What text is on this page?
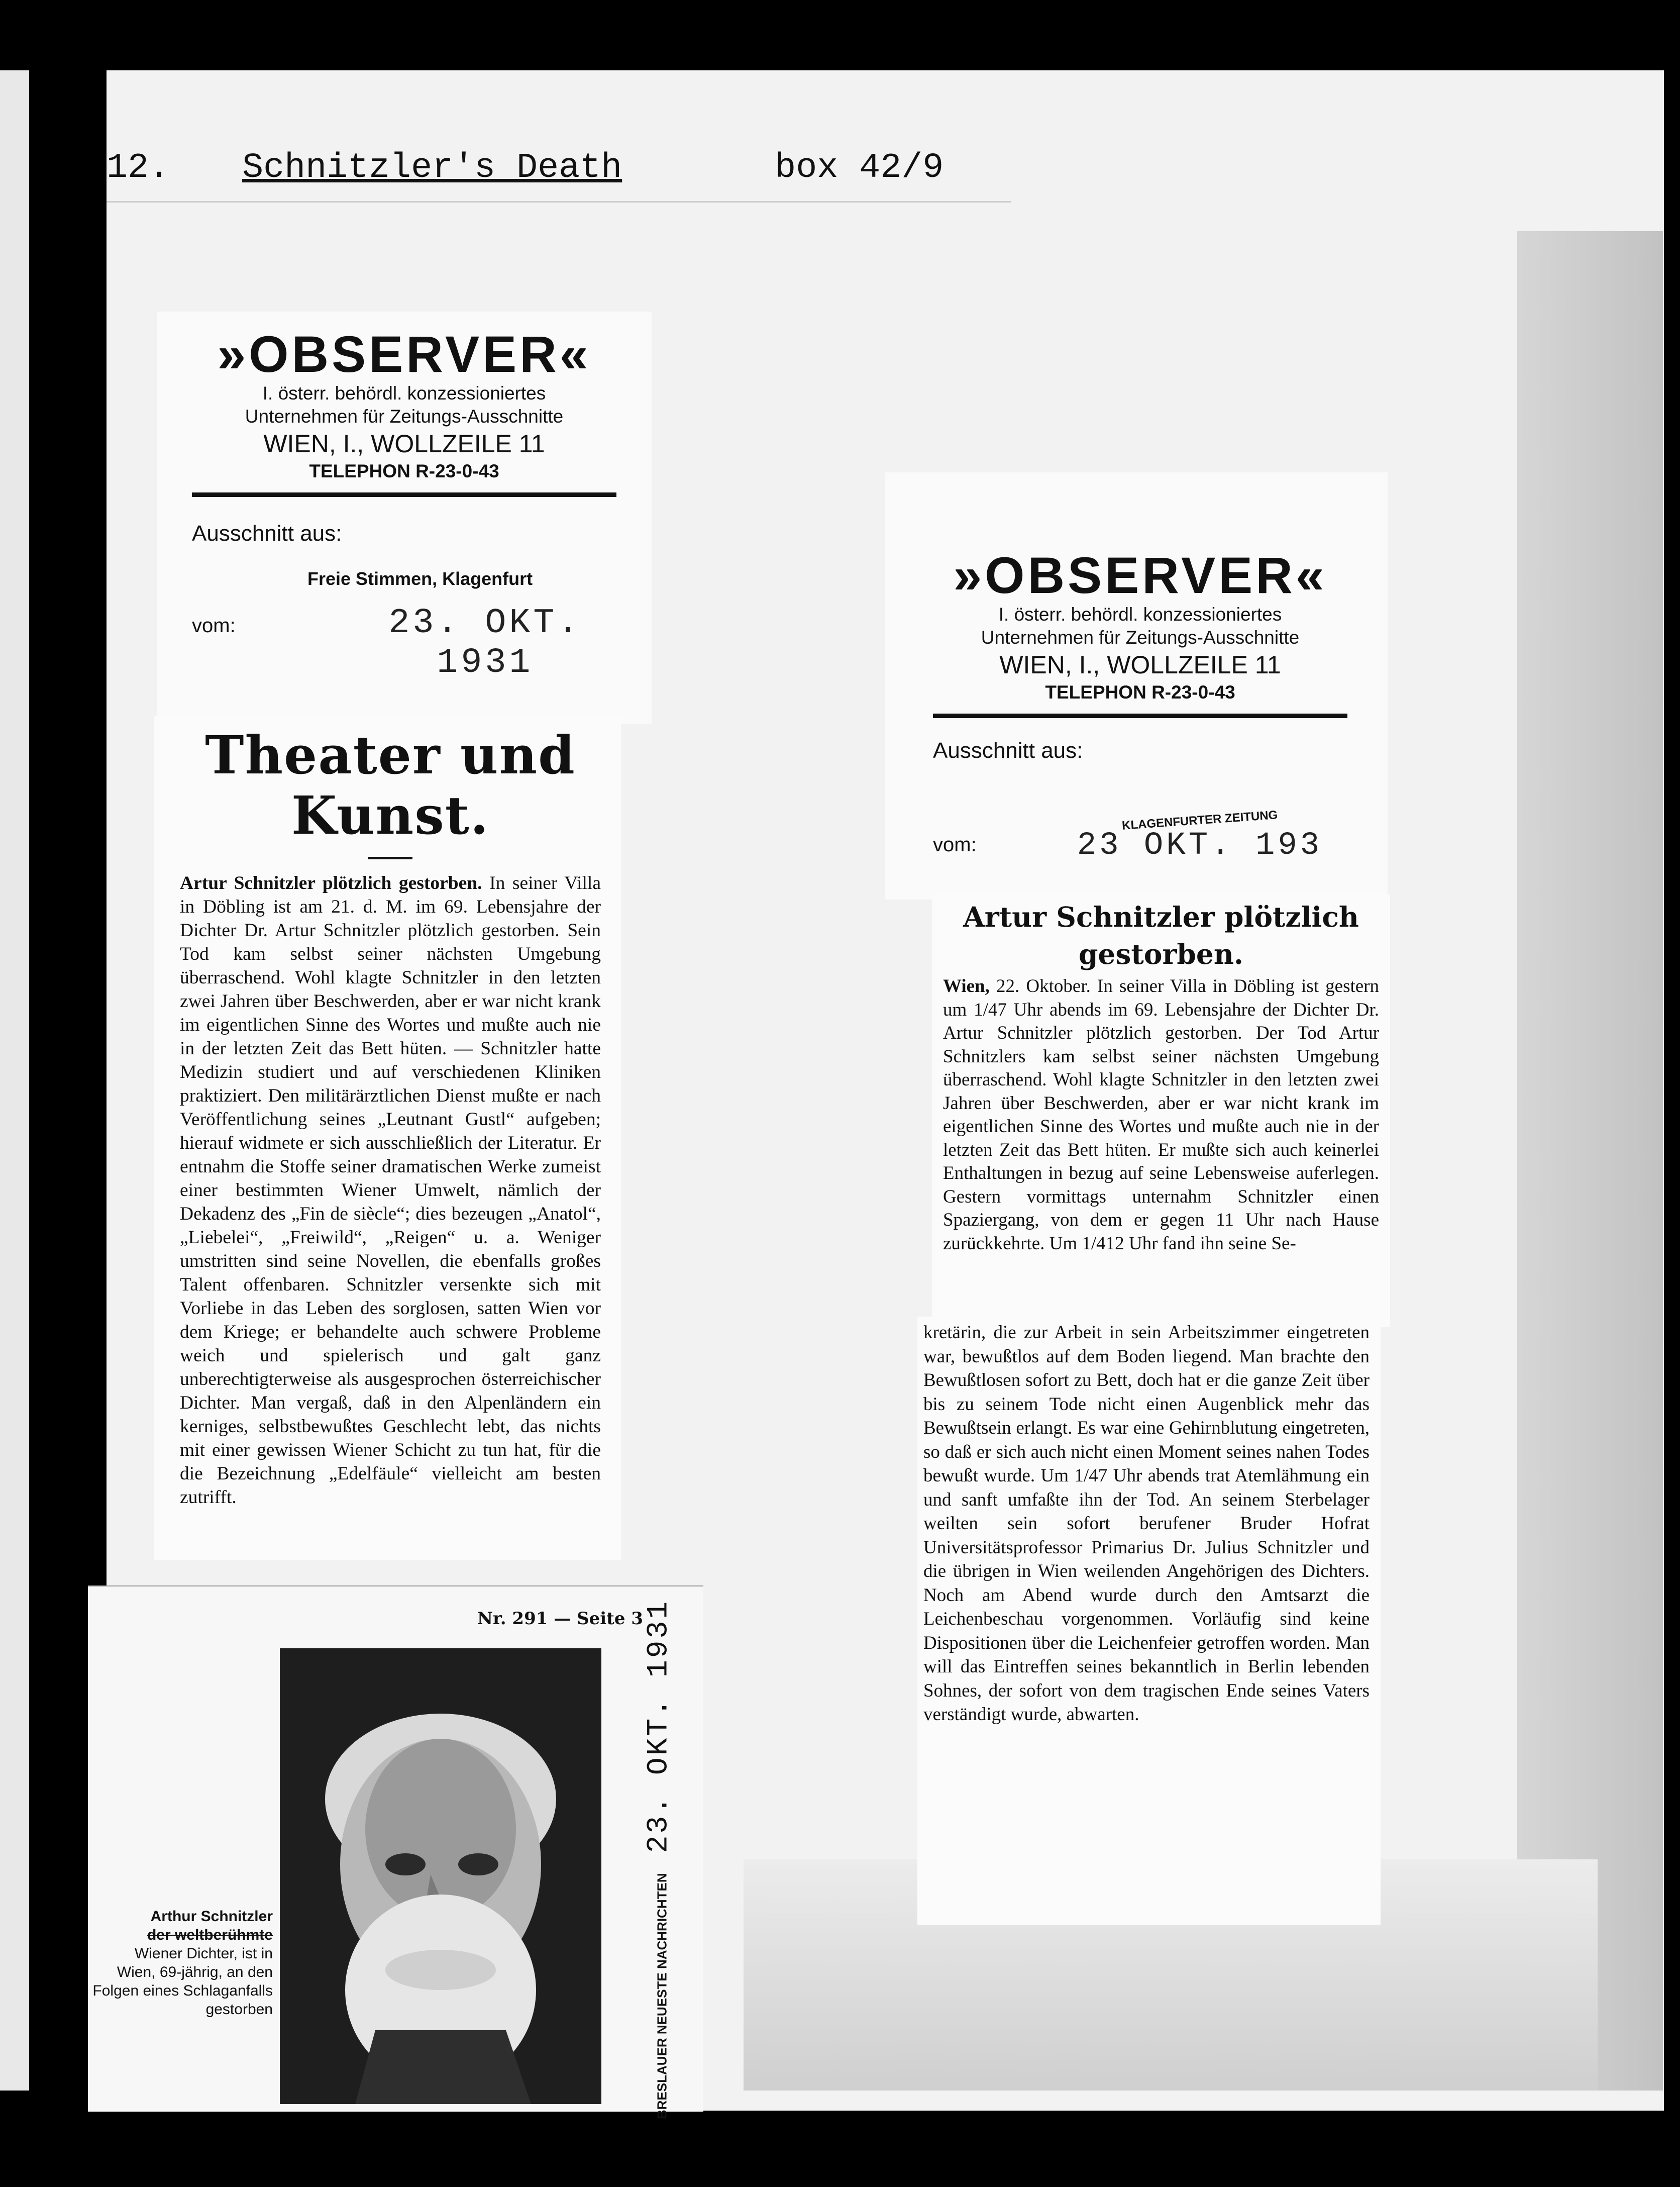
12. Schnitzler's Death	box 42/9
»OBSERVER«
I. österr. behördl. konzessioniertes
Unternehmen für Zeitungs-Ausschnitte
WIEN, I., WOLLZEILE 11
TELEPHON R-23-0-43
Ausschnitt aus:
Freie Stimmen, Klagenfurt
vom:	23. OKT. 1931
Theater und Kunst.
Artur Schnitzler plötzlich gestorben. In seiner Villa in Döbling ist am 21. d. M. im 69. Lebensjahre der Dichter Dr. Artur Schnitzler plötzlich gestorben. Sein Tod kam selbst seiner nächsten Umgebung überraschend. Wohl klagte Schnitzler in den letzten zwei Jahren über Beschwerden, aber er war nicht krank im eigentlichen Sinne des Wortes und mußte auch nie in der letzten Zeit das Bett hüten. — Schnitzler hatte Medizin studiert und auf verschiedenen Kliniken praktiziert. Den militärärztlichen Dienst mußte er nach Veröffentlichung seines „Leutnant Gustl“ aufgeben; hierauf widmete er sich ausschließlich der Literatur. Er entnahm die Stoffe seiner dramatischen Werke zumeist einer bestimmten Wiener Umwelt, nämlich der Dekadenz des „Fin de siècle“; dies bezeugen „Anatol“, „Liebelei“, „Freiwild“, „Reigen“ u. a. Weniger umstritten sind seine Novellen, die ebenfalls großes Talent offenbaren. Schnitzler versenkte sich mit Vorliebe in das Leben des sorglosen, satten Wien vor dem Kriege; er behandelte auch schwere Probleme weich und spielerisch und galt ganz unberechtigterweise als ausgesprochen österreichischer Dichter. Man vergaß, daß in den Alpenländern ein kerniges, selbstbewußtes Geschlecht lebt, das nichts mit einer gewissen Wiener Schicht zu tun hat, für die die Bezeichnung „Edelfäule“ vielleicht am besten zutrifft.
»OBSERVER«
I. österr. behördl. konzessioniertes
Unternehmen für Zeitungs-Ausschnitte
WIEN, I., WOLLZEILE 11
TELEPHON R-23-0-43
Ausschnitt aus:
vom:
KLAGENFURTER ZEITUNG
23 OKT. 193
Artur Schnitzler plötzlich gestorben.
Wien, 22. Oktober. In seiner Villa in Döbling ist gestern um 1/47 Uhr abends im 69. Lebensjahre der Dichter Dr. Artur Schnitzler plötzlich gestorben. Der Tod Artur Schnitzlers kam selbst seiner nächsten Umgebung überraschend. Wohl klagte Schnitzler in den letzten zwei Jahren über Beschwerden, aber er war nicht krank im eigentlichen Sinne des Wortes und mußte auch nie in der letzten Zeit das Bett hüten. Er mußte sich auch keinerlei Enthaltungen in bezug auf seine Lebensweise auferlegen. Gestern vormittags unternahm Schnitzler einen Spaziergang, von dem er gegen 11 Uhr nach Hause zurückkehrte. Um 1/412 Uhr fand ihn seine Se-
kretärin, die zur Arbeit in sein Arbeitszimmer eingetreten war, bewußtlos auf dem Boden liegend. Man brachte den Bewußtlosen sofort zu Bett, doch hat er die ganze Zeit über bis zu seinem Tode nicht einen Augenblick mehr das Bewußtsein erlangt. Es war eine Gehirnblutung eingetreten, so daß er sich auch nicht einen Moment seines nahen Todes bewußt wurde. Um 1/47 Uhr abends trat Atemlähmung ein und sanft umfaßte ihn der Tod. An seinem Sterbelager weilten sein sofort berufener Bruder Hofrat Universitätsprofessor Primarius Dr. Julius Schnitzler und die übrigen in Wien weilenden Angehörigen des Dichters. Noch am Abend wurde durch den Amtsarzt die Leichenbeschau vorgenommen. Vorläufig sind keine Dispositionen über die Leichenfeier getroffen worden. Man will das Eintreffen seines bekanntlich in Berlin lebenden Sohnes, der sofort von dem tragischen Ende seines Vaters verständigt wurde, abwarten.
Nr. 291 — Seite 3
Arthur Schnitzler
der weltberühmte
Wiener Dichter, ist in Wien, 69-jährig, an den Folgen eines Schlaganfalls gestorben	BRESLAUER NEUESTE NACHRICHTEN
23. OKT. 1931
